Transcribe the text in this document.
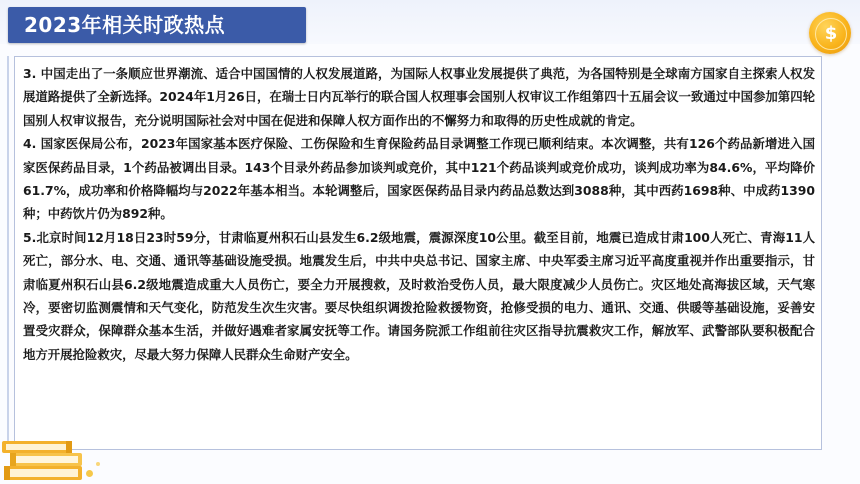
2023年相关时政热点	$

3. 中国走出了一条顺应世界潮流、适合中国国情的人权发展道路，为国际人权事业发展提供了典范，为各国特别是全球南方国家自主探索人权发展道路提供了全新选择。2024年1月26日，在瑞士日内瓦举行的联合国人权理事会国别人权审议工作组第四十五届会议一致通过中国参加第四轮国别人权审议报告，充分说明国际社会对中国在促进和保障人权方面作出的不懈努力和取得的历史性成就的肯定。

4. 国家医保局公布，2023年国家基本医疗保险、工伤保险和生育保险药品目录调整工作现已顺利结束。本次调整，共有126个药品新增进入国家医保药品目录，1个药品被调出目录。143个目录外药品参加谈判或竞价，其中121个药品谈判或竞价成功，谈判成功率为84.6%，平均降价61.7%，成功率和价格降幅均与2022年基本相当。本轮调整后，国家医保药品目录内药品总数达到3088种，其中西药1698种、中成药1390种；中药饮片仍为892种。

5.北京时间12月18日23时59分，甘肃临夏州积石山县发生6.2级地震，震源深度10公里。截至目前，地震已造成甘肃100人死亡、青海11人死亡，部分水、电、交通、通讯等基础设施受损。地震发生后，中共中央总书记、国家主席、中央军委主席习近平高度重视并作出重要指示，甘肃临夏州积石山县6.2级地震造成重大人员伤亡，要全力开展搜救，及时救治受伤人员，最大限度减少人员伤亡。灾区地处高海拔区域，天气寒冷，要密切监测震情和天气变化，防范发生次生灾害。要尽快组织调拨抢险救援物资，抢修受损的电力、通讯、交通、供暖等基础设施，妥善安置受灾群众，保障群众基本生活，并做好遇难者家属安抚等工作。请国务院派工作组前往灾区指导抗震救灾工作，解放军、武警部队要积极配合地方开展抢险救灾，尽最大努力保障人民群众生命财产安全。
